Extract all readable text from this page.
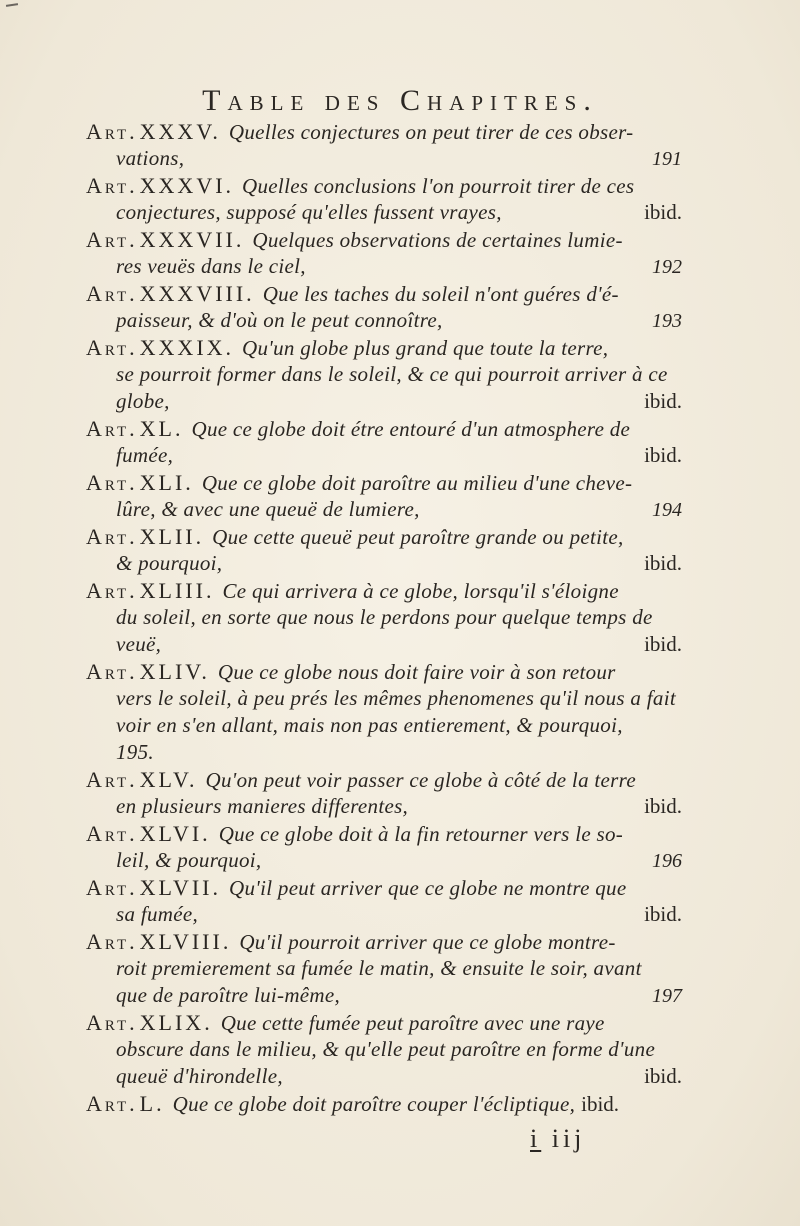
Table des Chapitres.
Art. XXXV. Quelles conjectures on peut tirer de ces obser-
vations,	191
Art. XXXVI. Quelles conclusions l'on pourroit tirer de ces
conjectures, supposé qu'elles fussent vrayes,	ibid.
Art. XXXVII. Quelques observations de certaines lumie-
res veuës dans le ciel,	192
Art. XXXVIII. Que les taches du soleil n'ont guéres d'é-
paisseur, & d'où on le peut connoître,	193
Art. XXXIX. Qu'un globe plus grand que toute la terre,
se pourroit former dans le soleil, & ce qui pourroit arriver à ce
globe,	ibid.
Art. XL. Que ce globe doit étre entouré d'un atmosphere de
fumée,	ibid.
Art. XLI. Que ce globe doit paroître au milieu d'une cheve-
lûre, & avec une queuë de lumiere,	194
Art. XLII. Que cette queuë peut paroître grande ou petite,
& pourquoi,	ibid.
Art. XLIII. Ce qui arrivera à ce globe, lorsqu'il s'éloigne
du soleil, en sorte que nous le perdons pour quelque temps de
veuë,	ibid.
Art. XLIV. Que ce globe nous doit faire voir à son retour
vers le soleil, à peu prés les mêmes phenomenes qu'il nous a fait
voir en s'en allant, mais non pas entierement, & pourquoi,
195.
Art. XLV. Qu'on peut voir passer ce globe à côté de la terre
en plusieurs manieres differentes,	ibid.
Art. XLVI. Que ce globe doit à la fin retourner vers le so-
leil, & pourquoi,	196
Art. XLVII. Qu'il peut arriver que ce globe ne montre que
sa fumée,	ibid.
Art. XLVIII. Qu'il pourroit arriver que ce globe montre-
roit premierement sa fumée le matin, & ensuite le soir, avant
que de paroître lui-même,	197
Art. XLIX. Que cette fumée peut paroître avec une raye
obscure dans le milieu, & qu'elle peut paroître en forme d'une
queuë d'hirondelle,	ibid.
Art. L. Que ce globe doit paroître couper l'écliptique, ibid.
i iij
